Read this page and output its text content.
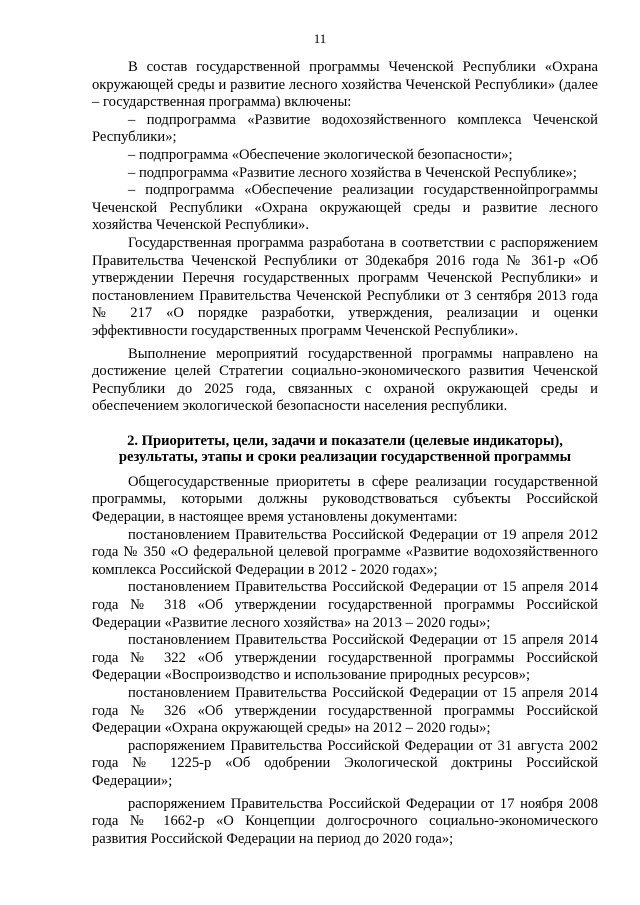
11

В состав государственной программы Чеченской Республики «Охрана окружающей среды и развитие лесного хозяйства Чеченской Республики» (далее – государственная программа) включены:

– подпрограмма «Развитие водохозяйственного комплекса Чеченской Республики»;

– подпрограмма «Обеспечение экологической безопасности»;

– подпрограмма «Развитие лесного хозяйства в Чеченской Республике»;

– подпрограмма «Обеспечение реализации государственнойпрограммы Чеченской Республики «Охрана окружающей среды и развитие лесного хозяйства Чеченской Республики».

Государственная программа разработана в соответствии с распоряжением Правительства Чеченской Республики от 30декабря 2016 года № 361-р «Об утверждении Перечня государственных программ Чеченской Республики» и постановлением Правительства Чеченской Республики от 3 сентября 2013 года № 217 «О порядке разработки, утверждения, реализации и оценки эффективности государственных программ Чеченской Республики».

Выполнение мероприятий государственной программы направлено на достижение целей Стратегии социально-экономического развития Чеченской Республики до 2025 года, связанных с охраной окружающей среды и обеспечением экологической безопасности населения республики.

2. Приоритеты, цели, задачи и показатели (целевые индикаторы), результаты, этапы и сроки реализации государственной программы

Общегосударственные приоритеты в сфере реализации государственной программы, которыми должны руководствоваться субъекты Российской Федерации, в настоящее время установлены документами:

постановлением Правительства Российской Федерации от 19 апреля 2012 года № 350 «О федеральной целевой программе «Развитие водохозяйственного комплекса Российской Федерации в 2012 - 2020 годах»;

постановлением Правительства Российской Федерации от 15 апреля 2014 года № 318 «Об утверждении государственной программы Российской Федерации «Развитие лесного хозяйства» на 2013 – 2020 годы»;

постановлением Правительства Российской Федерации от 15 апреля 2014 года № 322 «Об утверждении государственной программы Российской Федерации «Воспроизводство и использование природных ресурсов»;

постановлением Правительства Российской Федерации от 15 апреля 2014 года № 326 «Об утверждении государственной программы Российской Федерации «Охрана окружающей среды» на 2012 – 2020 годы»;

распоряжением Правительства Российской Федерации от 31 августа 2002 года № 1225-р «Об одобрении Экологической доктрины Российской Федерации»;

распоряжением Правительства Российской Федерации от 17 ноября 2008 года № 1662-р «О Концепции долгосрочного социально-экономического развития Российской Федерации на период до 2020 года»;
